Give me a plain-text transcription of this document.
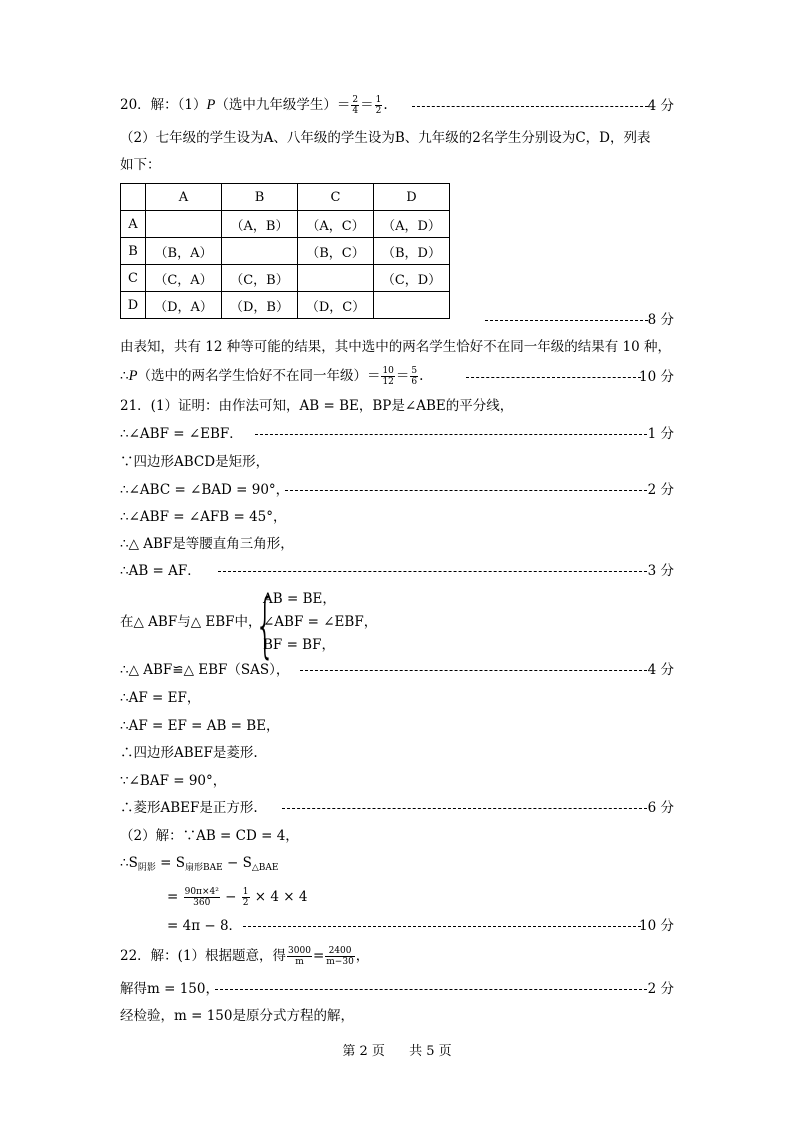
20．解：（1）P（选中九年级学生）＝ $\frac{2}{4} = \frac{1}{2}$ .	4 分
（2）七年级的学生设为A、八年级的学生设为B、九年级的2名学生分别设为C，D，列表
如下：
	A	B	C	D
A		（A，B）	（A，C）	（A，D）
B	（B，A）		（B，C）	（B，D）
C	（C，A）	（C，B）		（C，D）
D	（D，A）	（D，B）	（D，C）	
8 分
由表知，共有 12 种等可能的结果，其中选中的两名学生恰好不在同一年级的结果有 10 种，
∴P（选中的两名学生恰好不在同一年级）＝ $\frac{10}{12} = \frac{5}{6}$ .	10 分
21．(1）证明：由作法可知，AB = BE，BP是∠ABE的平分线，
∴∠ABF = ∠EBF．	1 分
∵四边形ABCD是矩形，
∴∠ABC = ∠BAD = 90°，	2 分
∴∠ABF = ∠AFB = 45°，
∴△ ABF是等腰直角三角形，
∴AB = AF．	3 分
在△ ABF与△ EBF中，
{
AB = BE，
∠ABF = ∠EBF，
BF = BF，
∴△ ABF≌△ EBF（SAS），	4 分
∴AF = EF，
∴AF = EF = AB = BE，
∴四边形ABEF是菱形.
∵∠BAF = 90°，
∴菱形ABEF是正方形.	6 分
（2）解：∵AB = CD = 4，
$\therefore S_{阴影} = S_{扇形BAE} - S_{\triangle BAE}$
= $\frac{\text{90π×4²}}{360} - \frac{1}{2} \times 4 \times 4$
= 4π − 8．	10 分
22．解：(1）根据题意，得 $\frac{3000}{m} = \frac{2400}{m-30}$ ，
解得m = 150，	2 分
经检验，m = 150是原分式方程的解，
第 2 页 共 5 页
